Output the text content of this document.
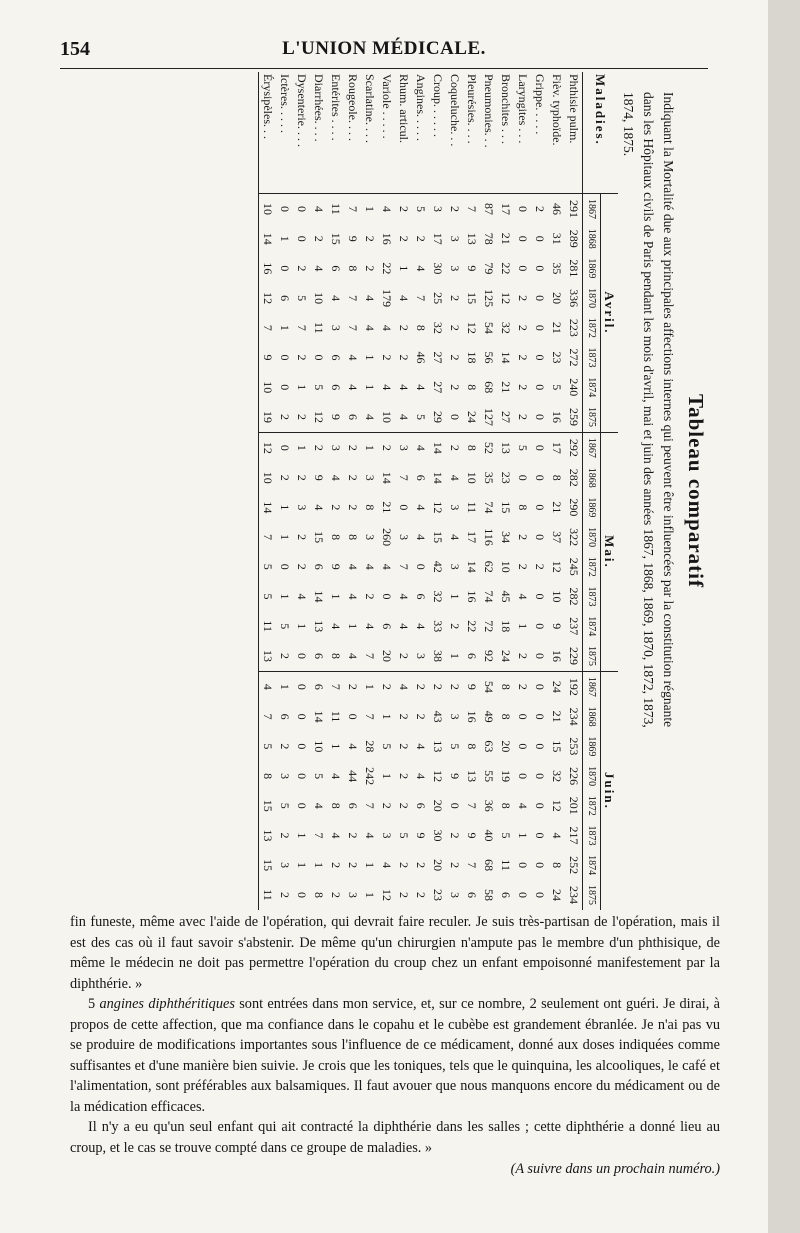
154	L'UNION MÉDICALE.
Tableau comparatif
Indiquant la Mortalité due aux principales affections internes qui peuvent être influencées par la constitution régnante
dans les Hôpitaux civils de Paris pendant les mois d'avril, mai et juin des années 1867, 1868, 1869, 1870, 1872, 1873,
1874, 1875.
Maladies.	Avril.								Mai.								Juin.							
	1867	1868	1869	1870	1872	1873	1874	1875	1867	1868	1869	1870	1872	1873	1874	1875	1867	1868	1869	1870	1872	1873	1874	1875
Phthisie pulm.	291	289	281	336	223	272	240	259	292	282	290	322	245	282	237	229	192	234	253	226	201	217	252	234
Fièv. typhoïde.	46	31	35	20	21	23	5	16	17	8	21	37	12	10	9	16	24	21	15	32	12	4	8	24
Grippe. . . . .	2	0	0	0	0	0	0	0	0	0	0	0	2	0	0	0	0	0	0	0	0	0	0	0
Laryngites . . .	0	0	0	2	2	2	2	2	5	0	8	2	2	4	1	2	2	0	0	0	4	1	0	0
Bronchites . . .	17	21	22	12	32	14	21	27	13	23	15	34	10	45	18	24	8	8	20	19	8	5	11	6
Pneumonies. . .	87	78	79	125	54	56	68	127	52	35	74	116	62	74	72	92	54	49	63	55	36	40	68	58
Pleurésies. . . .	7	13	9	15	12	18	8	24	8	10	11	17	14	16	22	6	9	16	8	13	7	9	7	6
Coqueluche. . .	2	3	3	2	2	2	2	0	2	4	3	4	3	1	2	1	2	3	5	9	0	2	2	3
Croup. . . . . .	3	17	30	25	32	27	27	29	14	14	12	15	42	32	33	38	2	43	13	12	20	30	20	23
Angines. . . . .	5	2	4	7	8	46	4	5	4	6	4	4	0	6	4	3	2	2	4	4	6	9	2	2
Rhum. articul.	2	2	1	4	2	2	4	4	3	7	0	3	7	4	4	2	4	2	2	2	2	5	2	2
Variole . . . . .	4	16	22	179	4	2	4	10	2	14	21	260	4	0	6	20	2	1	5	1	2	3	4	12
Scarlatine. . . .	1	2	2	4	4	1	1	4	1	3	8	3	4	2	4	7	1	7	28	242	7	4	1	1
Rougeole. . . .	7	9	8	7	7	4	4	6	2	2	2	8	4	4	1	4	2	0	4	44	6	2	2	3
Entérites . . . .	11	15	6	4	3	6	6	9	3	4	2	8	9	1	4	8	7	11	1	4	8	4	2	2
Diarrhées. . . .	4	2	4	10	11	0	5	12	2	9	4	15	6	14	13	6	6	14	10	5	4	7	1	8
Dysenterie. . . .	0	0	2	5	7	2	1	2	1	2	3	2	2	4	1	0	0	0	0	0	0	1	1	0
Ictères. . . . .	0	1	0	6	1	0	0	2	0	2	1	1	0	1	5	2	1	6	2	3	5	2	3	2
Érysipèles. . .	10	14	16	12	7	9	10	19	12	10	14	7	5	5	11	13	4	7	5	8	15	13	15	11

fin funeste, même avec l'aide de l'opération, qui devrait faire reculer. Je suis très-partisan de l'opération, mais il est des cas où il faut savoir s'abstenir. De même qu'un chirurgien n'ampute pas le membre d'un phthisique, de même le médecin ne doit pas permettre l'opération du croup chez un enfant empoisonné manifestement par la diphthérie. »

5 angines diphthéritiques sont entrées dans mon service, et, sur ce nombre, 2 seulement ont guéri. Je dirai, à propos de cette affection, que ma confiance dans le copahu et le cubèbe est grandement ébranlée. Je n'ai pas vu se produire de modifications importantes sous l'influence de ce médicament, donné aux doses indiquées comme suffisantes et d'une manière bien suivie. Je crois que les toniques, tels que le quinquina, les alcooliques, le café et l'alimentation, sont préférables aux balsamiques. Il faut avouer que nous manquons encore du médicament ou de la médication efficaces.

Il n'y a eu qu'un seul enfant qui ait contracté la diphthérie dans les salles ; cette diphthérie a donné lieu au croup, et le cas se trouve compté dans ce groupe de maladies. »

(A suivre dans un prochain numéro.)
